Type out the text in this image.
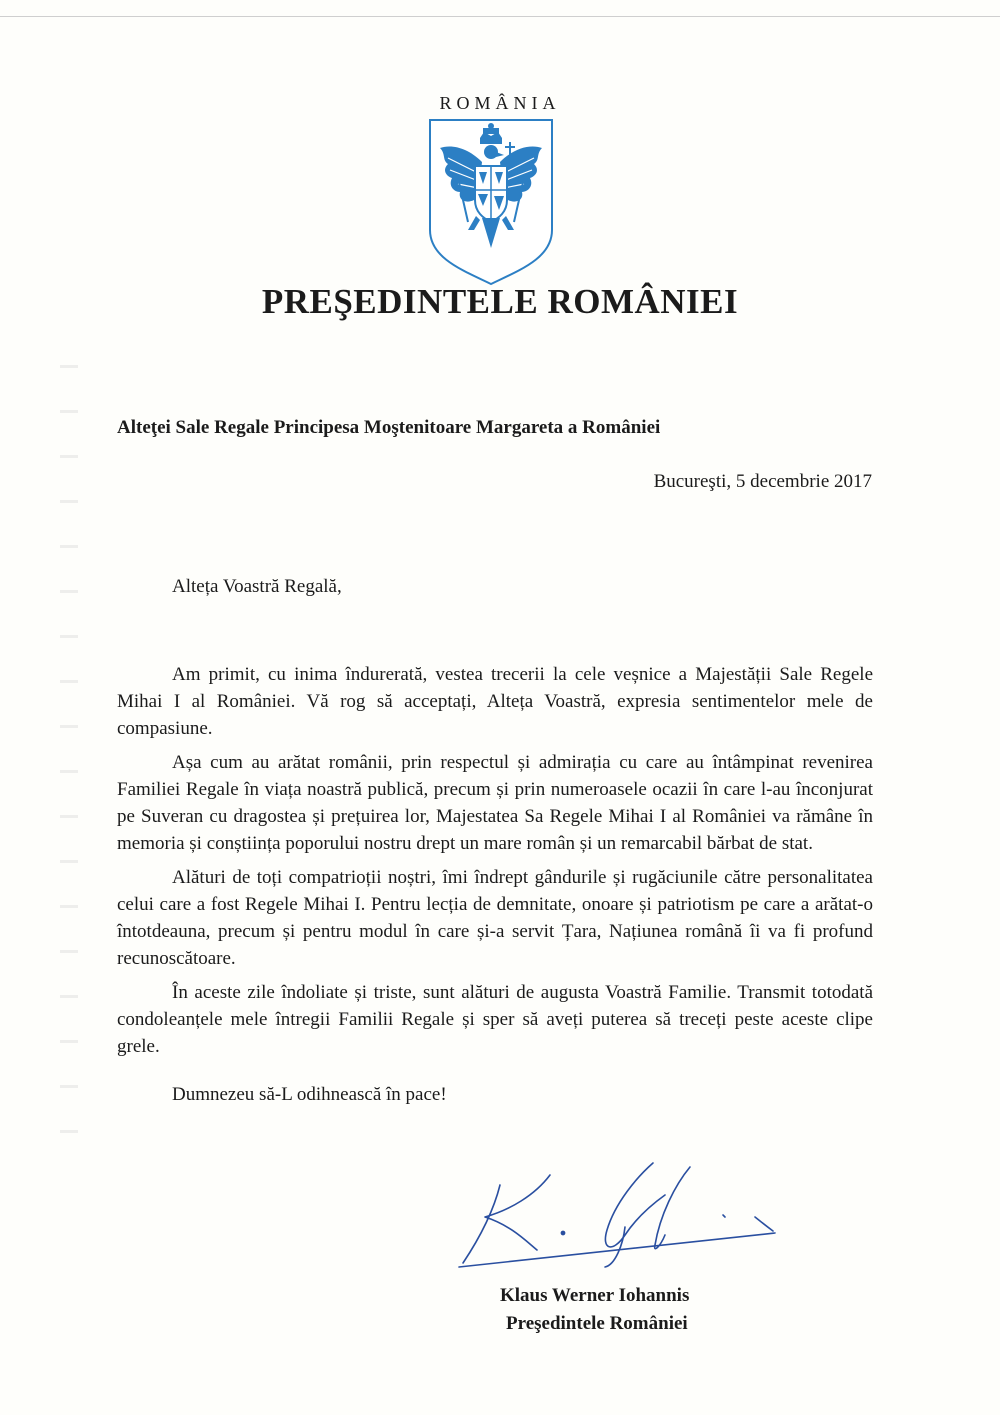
ROMÂNIA
PREŞEDINTELE ROMÂNIEI
Alteţei Sale Regale Principesa Moştenitoare Margareta a României
Bucureşti, 5 decembrie 2017
Alteța Voastră Regală,

Am primit, cu inima îndurerată, vestea trecerii la cele veșnice a Majestății Sale Regele Mihai I al României. Vă rog să acceptați, Alteța Voastră, expresia sentimentelor mele de compasiune.

Așa cum au arătat românii, prin respectul și admirația cu care au întâmpinat revenirea Familiei Regale în viața noastră publică, precum și prin numeroasele ocazii în care l-au înconjurat pe Suveran cu dragostea și prețuirea lor, Majestatea Sa Regele Mihai I al României va rămâne în memoria și conștiința poporului nostru drept un mare român și un remarcabil bărbat de stat.

Alături de toți compatrioții noștri, îmi îndrept gândurile și rugăciunile către personalitatea celui care a fost Regele Mihai I. Pentru lecția de demnitate, onoare și patriotism pe care a arătat-o întotdeauna, precum și pentru modul în care și-a servit Țara, Națiunea română îi va fi profund recunoscătoare.

În aceste zile îndoliate și triste, sunt alături de augusta Voastră Familie. Transmit totodată condoleanțele mele întregii Familii Regale și sper să aveți puterea să treceți peste aceste clipe grele.

Dumnezeu să-L odihnească în pace!
Klaus Werner Iohannis
Preşedintele României
